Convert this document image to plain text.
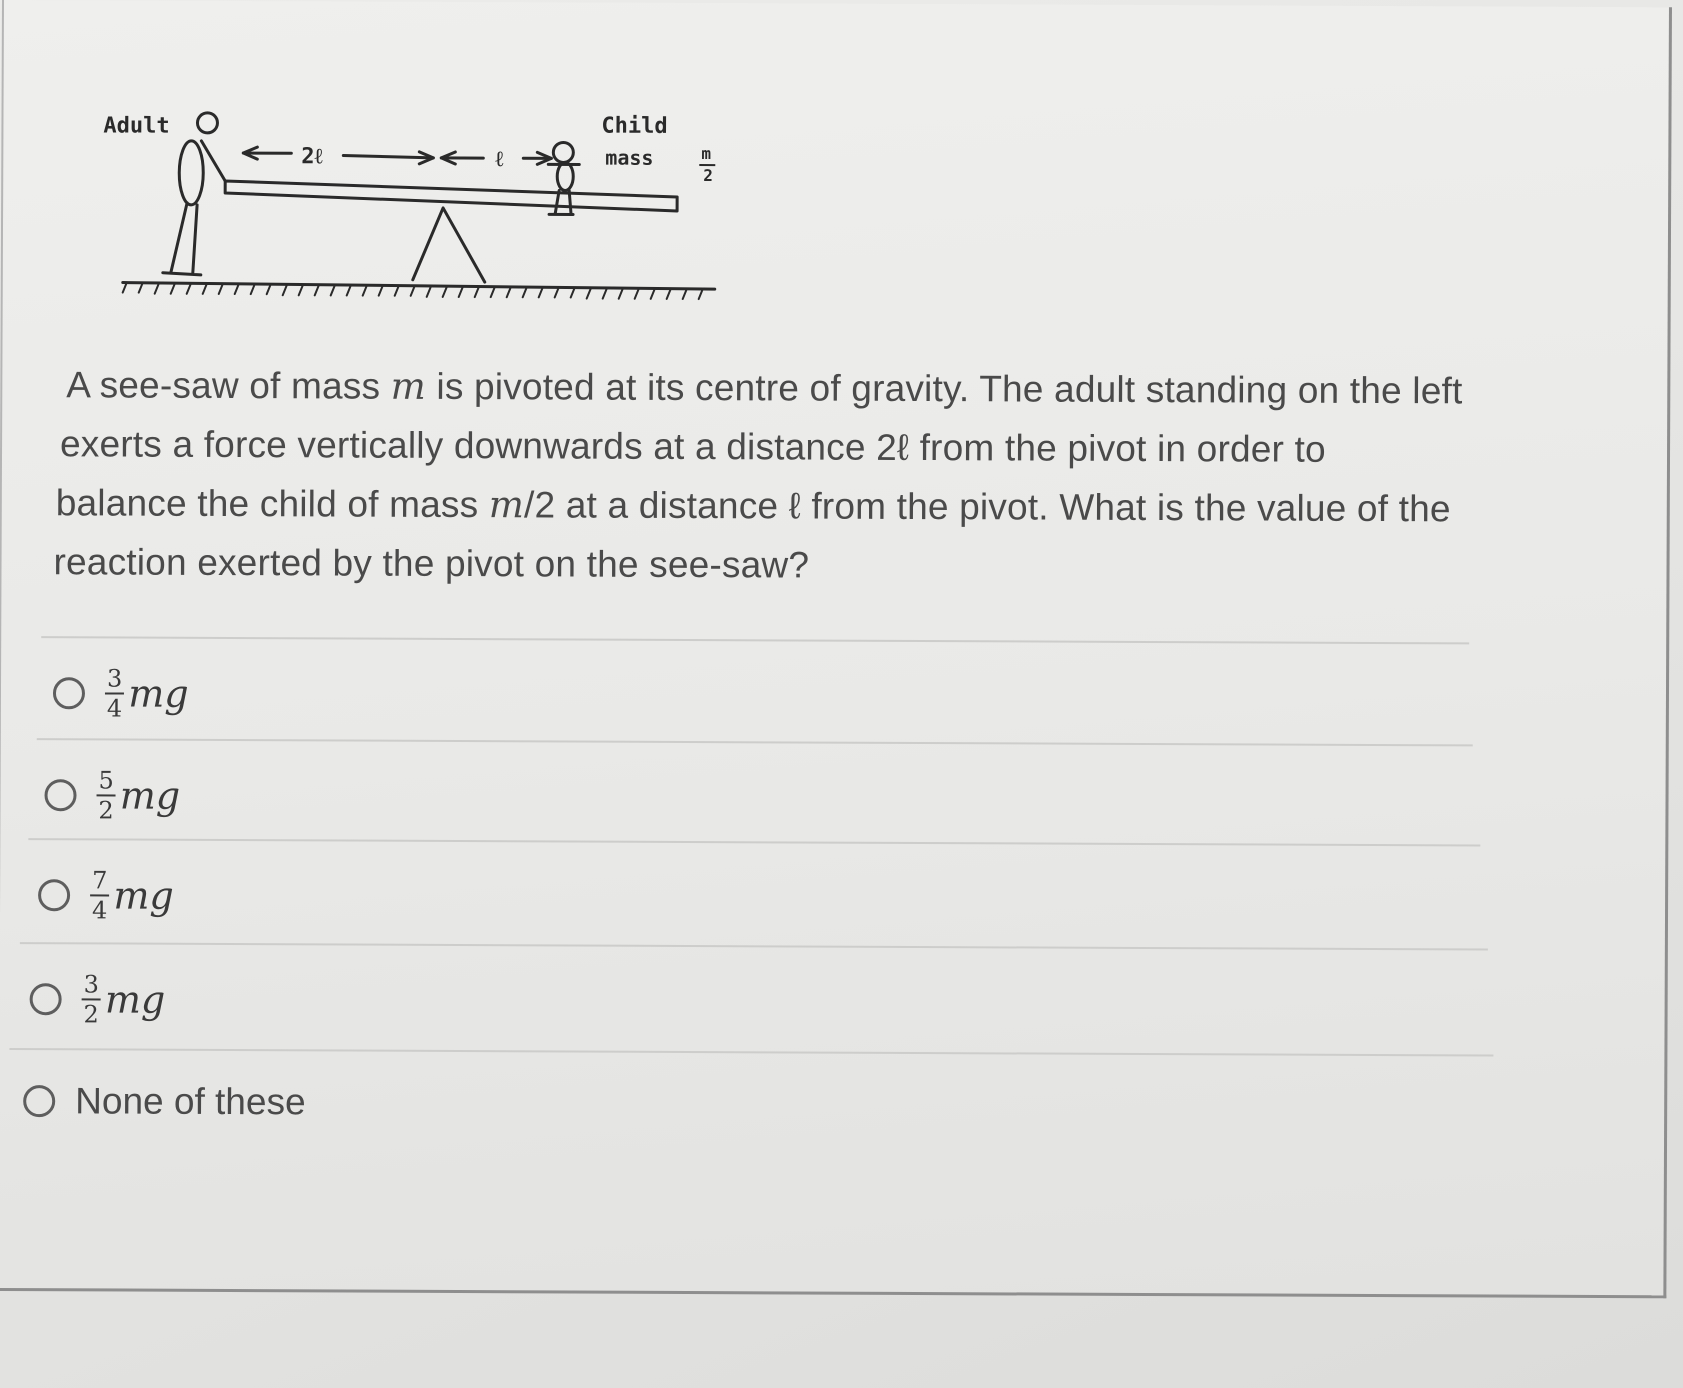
Adult	Child
mass	m
2
2ℓ	ℓ
A see-saw of mass m is pivoted at its centre of gravity. The adult standing on the left
exerts a force vertically downwards at a distance 2ℓ from the pivot in order to
balance the child of mass m/2 at a distance ℓ from the pivot. What is the value of the
reaction exerted by the pivot on the see-saw?
$\frac{3}{4}$ mg
$\frac{5}{2}$ mg
$\frac{7}{4}$ mg
$\frac{3}{2}$ mg
None of these
